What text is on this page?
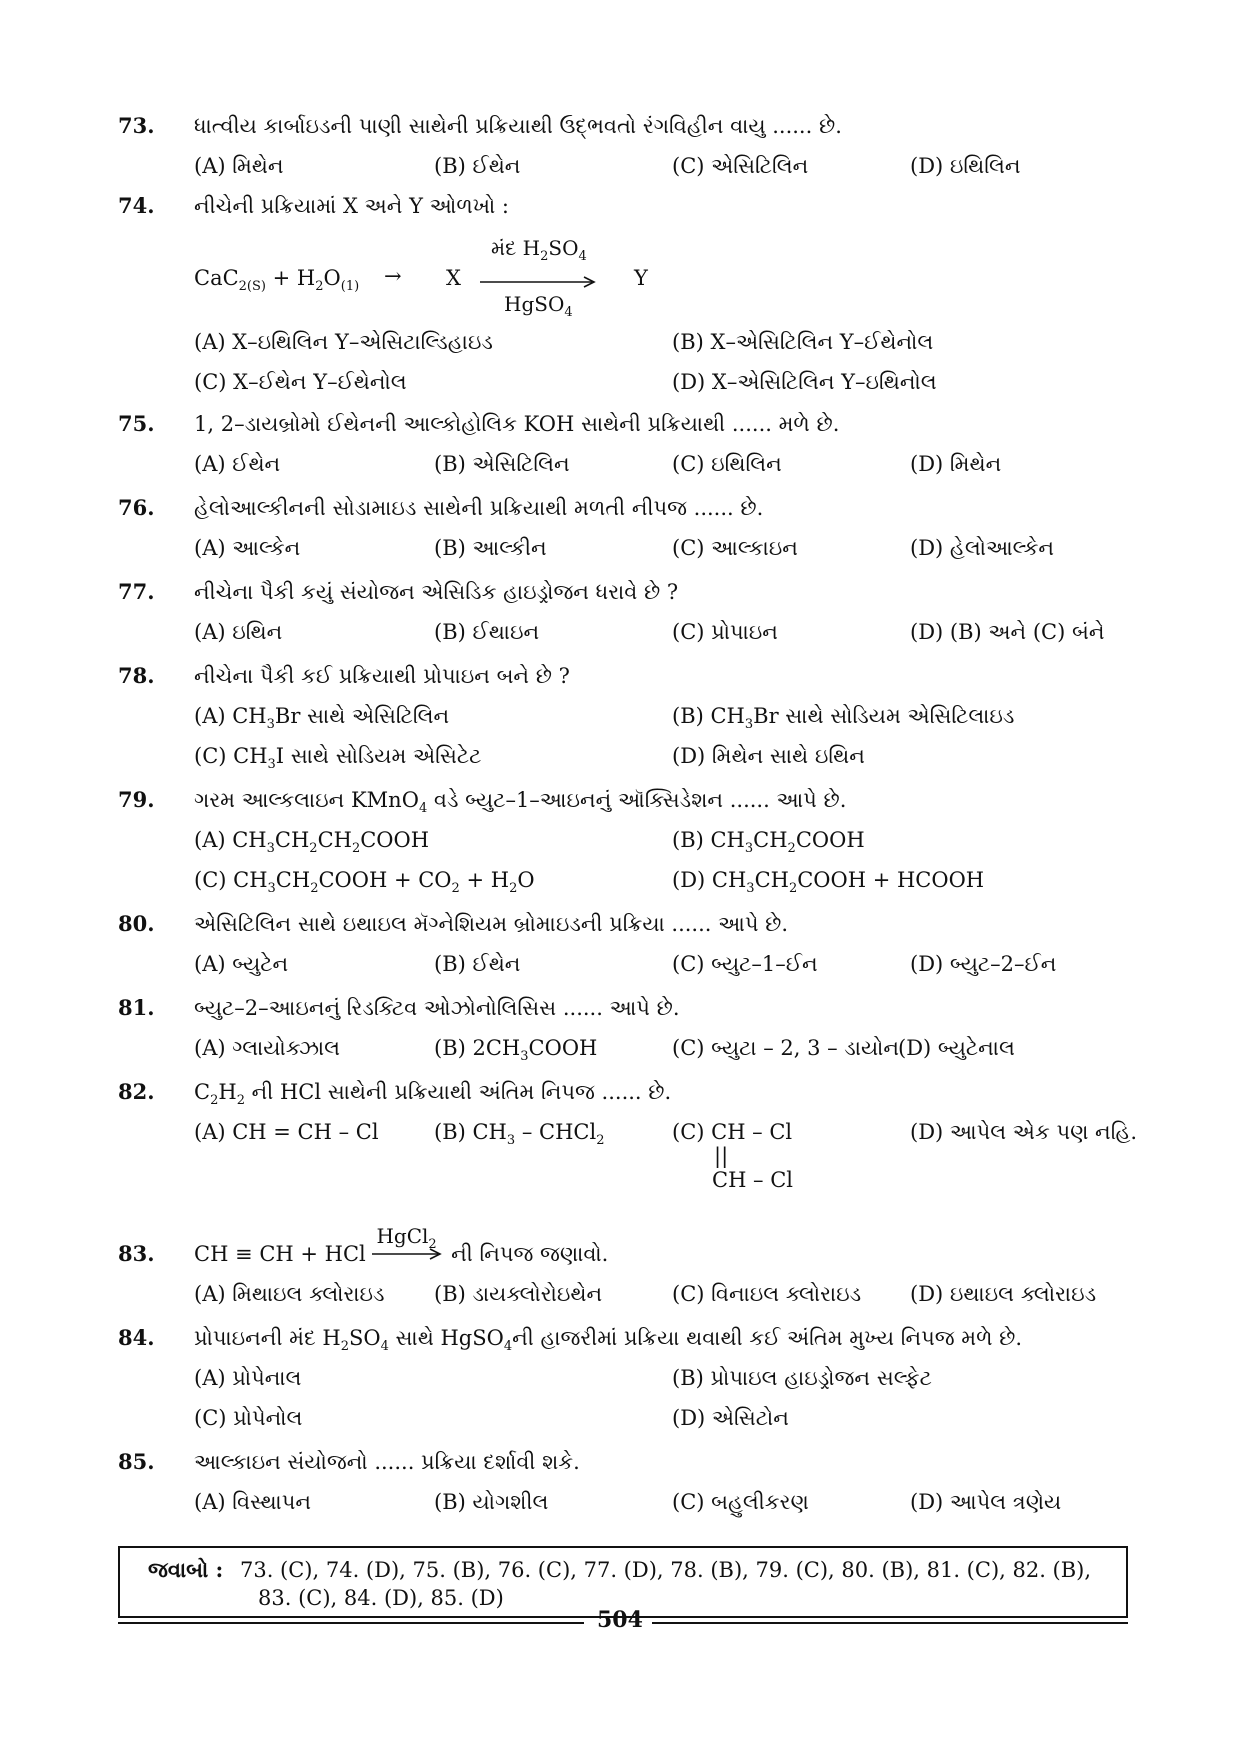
73. ધાત્વીય કાર્બાઇડની પાણી સાથેની પ્રક્રિયાથી ઉદ્‌ભવતો રંગવિહીન વાયુ ...... છે.
(A) મિથેન	(B) ઈથેન	(C) એસિટિલિન	(D) ઇથિલિન
74. નીચેની પ્રક્રિયામાં X અને Y ઓળખો :
$CaC_{2(S)} + H_2O_{(1)} \to X$
મંદ $H_2SO_4$
HgSO$_4$
Y
(A) X–ઇથિલિન Y–એસિટાલ્ડિહાઇડ	(B) X–એસિટિલિન Y–ઈથેનોલ
(C) X–ઈથેન Y–ઈથેનોલ	(D) X–એસિટિલિન Y–ઇથિનોલ
75. 1, 2–ડાયબ્રોમો ઈથેનની આલ્કોહોલિક KOH સાથેની પ્રક્રિયાથી ...... મળે છે.
(A) ઈથેન	(B) એસિટિલિન	(C) ઇથિલિન	(D) મિથેન
76. હેલોઆલ્કીનની સોડામાઇડ સાથેની પ્રક્રિયાથી મળતી નીપજ ...... છે.
(A) આલ્કેન	(B) આલ્કીન	(C) આલ્કાઇન	(D) હેલોઆલ્કેન
77. નીચેના પૈકી કયું સંયોજન એસિડિક હાઇડ્રોજન ધરાવે છે ?
(A) ઇથિન	(B) ઈથાઇન	(C) પ્રોપાઇન	(D) (B) અને (C) બંને
78. નીચેના પૈકી કઈ પ્રક્રિયાથી પ્રોપાઇન બને છે ?
(A) $CH_3Br$ સાથે એસિટિલિન	(B) $CH_3Br$ સાથે સોડિયમ એસિટિલાઇડ
(C) $CH_3I$ સાથે સોડિયમ એસિટેટ	(D) મિથેન સાથે ઇથિન
79. ગરમ આલ્કલાઇન KMnO$_4$ વડે બ્યુટ–1–આઇનનું ઑક્સિડેશન ...... આપે છે.
(A) $CH_3CH_2CH_2COOH$	(B) $CH_3CH_2COOH$
(C) $CH_3CH_2COOH + CO_2 + H_2O$	(D) $CH_3CH_2COOH$ + HCOOH
80. એસિટિલિન સાથે ઇથાઇલ મૅગ્નેશિયમ બ્રોમાઇડની પ્રક્રિયા ...... આપે છે.
(A) બ્યુટેન	(B) ઈથેન	(C) બ્યુટ–1–ઈન	(D) બ્યુટ–2–ઈન
81. બ્યુટ–2–આઇનનું રિડક્ટિવ ઓઝોનોલિસિસ ...... આપે છે.
(A) ગ્લાયોક્ઝાલ	(B) $2CH_3COOH$	(C) બ્યુટા – 2, 3 – ડાયોન
(D) બ્યુટેનાલ
82. $C_2H_2$ ની HCl સાથેની પ્રક્રિયાથી અંતિમ નિપજ ...... છે.
(A) CH = CH – Cl	(B) $CH_3$ – CHCl$_2$	(C) CH – Cl	(D) આપેલ એક પણ નહિ.
||
CH – Cl
83. CH ≡ CH + HCl
HgCl$_2$ ની નિપજ જણાવો.
(A) મિથાઇલ ક્લોરાઇડ (B) ડાયક્લોરોઇથેન	(C) વિનાઇલ ક્લોરાઇડ (D) ઇથાઇલ ક્લોરાઇડ
84. પ્રોપાઇનની મંદ $H_2SO_4$ સાથે HgSO$_4$ની હાજરીમાં પ્રક્રિયા થવાથી કઈ અંતિમ મુખ્ય નિપજ મળે છે.
(A) પ્રોપેનાલ	(B) પ્રોપાઇલ હાઇડ્રોજન સલ્ફેટ
(C) પ્રોપેનોલ	(D) એસિટોન
85. આલ્કાઇન સંયોજનો ...... પ્રક્રિયા દર્શાવી શકે.
(A) વિસ્થાપન	(B) યોગશીલ	(C) બહુલીકરણ	(D) આપેલ ત્રણેય
જવાબો : 73. (C), 74. (D), 75. (B), 76. (C), 77. (D), 78. (B), 79. (C), 80. (B), 81. (C), 82. (B),
83. (C), 84. (D), 85. (D)
504
